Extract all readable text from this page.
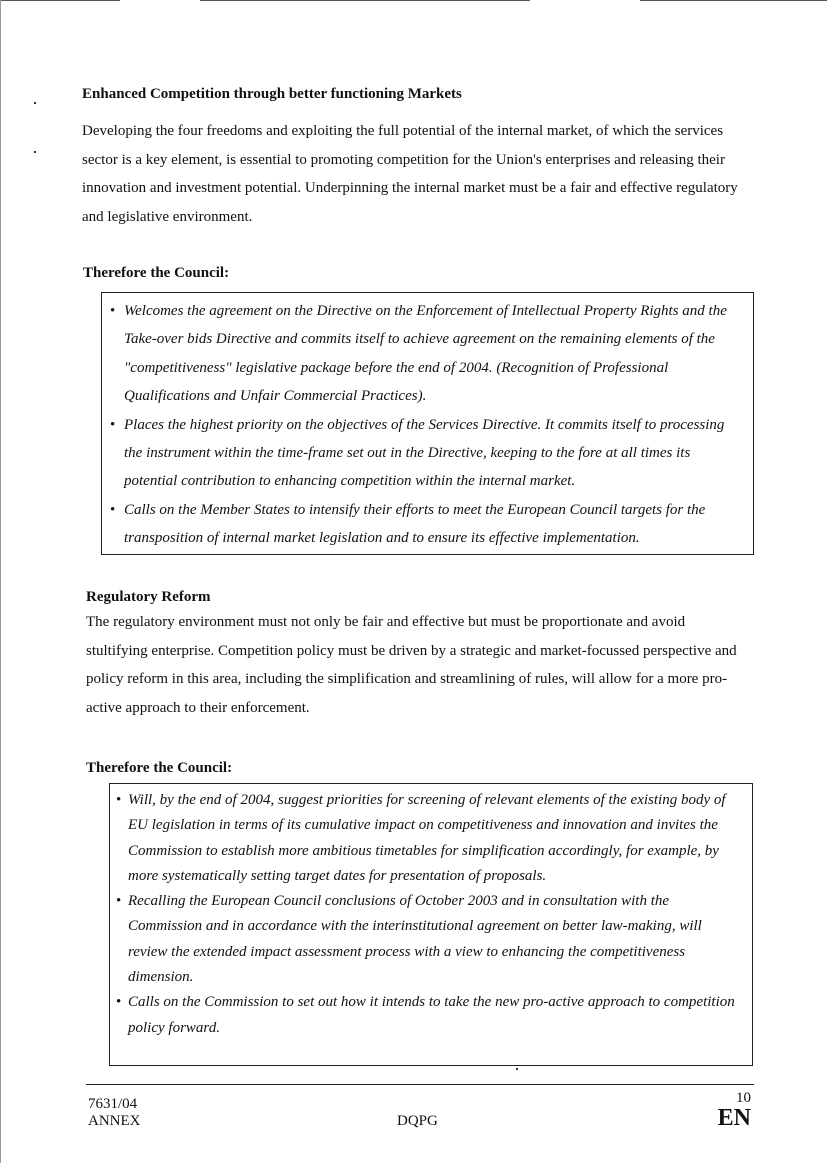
Enhanced Competition through better functioning Markets

Developing the four freedoms and exploiting the full potential of the internal market, of which the services sector is a key element, is essential to promoting competition for the Union's enterprises and releasing their innovation and investment potential. Underpinning the internal market must be a fair and effective regulatory and legislative environment.

Therefore the Council:
• Welcomes the agreement on the Directive on the Enforcement of Intellectual Property Rights and the Take-over bids Directive and commits itself to achieve agreement on the remaining elements of the "competitiveness" legislative package before the end of 2004. (Recognition of Professional Qualifications and Unfair Commercial Practices).
• Places the highest priority on the objectives of the Services Directive. It commits itself to processing the instrument within the time-frame set out in the Directive, keeping to the fore at all times its potential contribution to enhancing competition within the internal market.
• Calls on the Member States to intensify their efforts to meet the European Council targets for the transposition of internal market legislation and to ensure its effective implementation.
Regulatory Reform

The regulatory environment must not only be fair and effective but must be proportionate and avoid stultifying enterprise. Competition policy must be driven by a strategic and market-focussed perspective and policy reform in this area, including the simplification and streamlining of rules, will allow for a more pro-active approach to their enforcement.

Therefore the Council:
• Will, by the end of 2004, suggest priorities for screening of relevant elements of the existing body of EU legislation in terms of its cumulative impact on competitiveness and innovation and invites the Commission to establish more ambitious timetables for simplification accordingly, for example, by more systematically setting target dates for presentation of proposals.
• Recalling the European Council conclusions of October 2003 and in consultation with the Commission and in accordance with the interinstitutional agreement on better law-making, will review the extended impact assessment process with a view to enhancing the competitiveness dimension.
• Calls on the Commission to set out how it intends to take the new pro-active approach to competition policy forward.

7631/04

ANNEX	DQPG

10

EN
